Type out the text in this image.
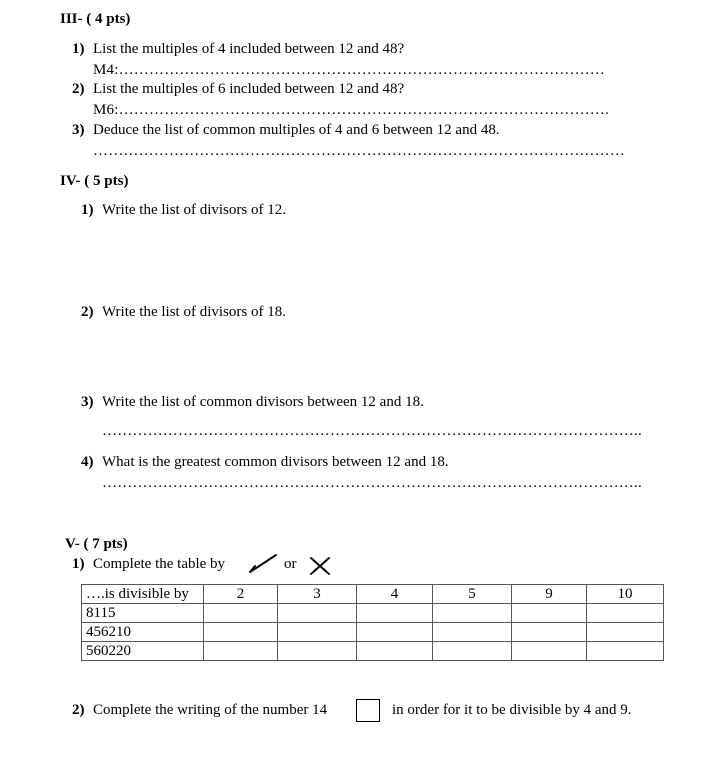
III- ( 4 pts)
1) List the multiples of 4 included between 12 and 48?
M4:……………………………………………………………………………………
2) List the multiples of 6 included between 12 and 48?
M6:…………………………………………………………………………………….
3) Deduce the list of common multiples of 4 and 6 between 12 and 48.
……………………………………………………………………………………………
IV- ( 5 pts)
1) Write the list of divisors of 12.
2) Write the list of divisors of 18.
3) Write the list of common divisors between 12 and 18.
……………………………………………………………………………………………..
4) What is the greatest common divisors between 12 and 18.
……………………………………………………………………………………………..
V- ( 7 pts)
1) Complete the table by	or
….is divisible by	2	3	4	5	9	10
8115						
456210						
560220						
2) Complete the writing of the number 14	in order for it to be divisible by 4 and 9.
